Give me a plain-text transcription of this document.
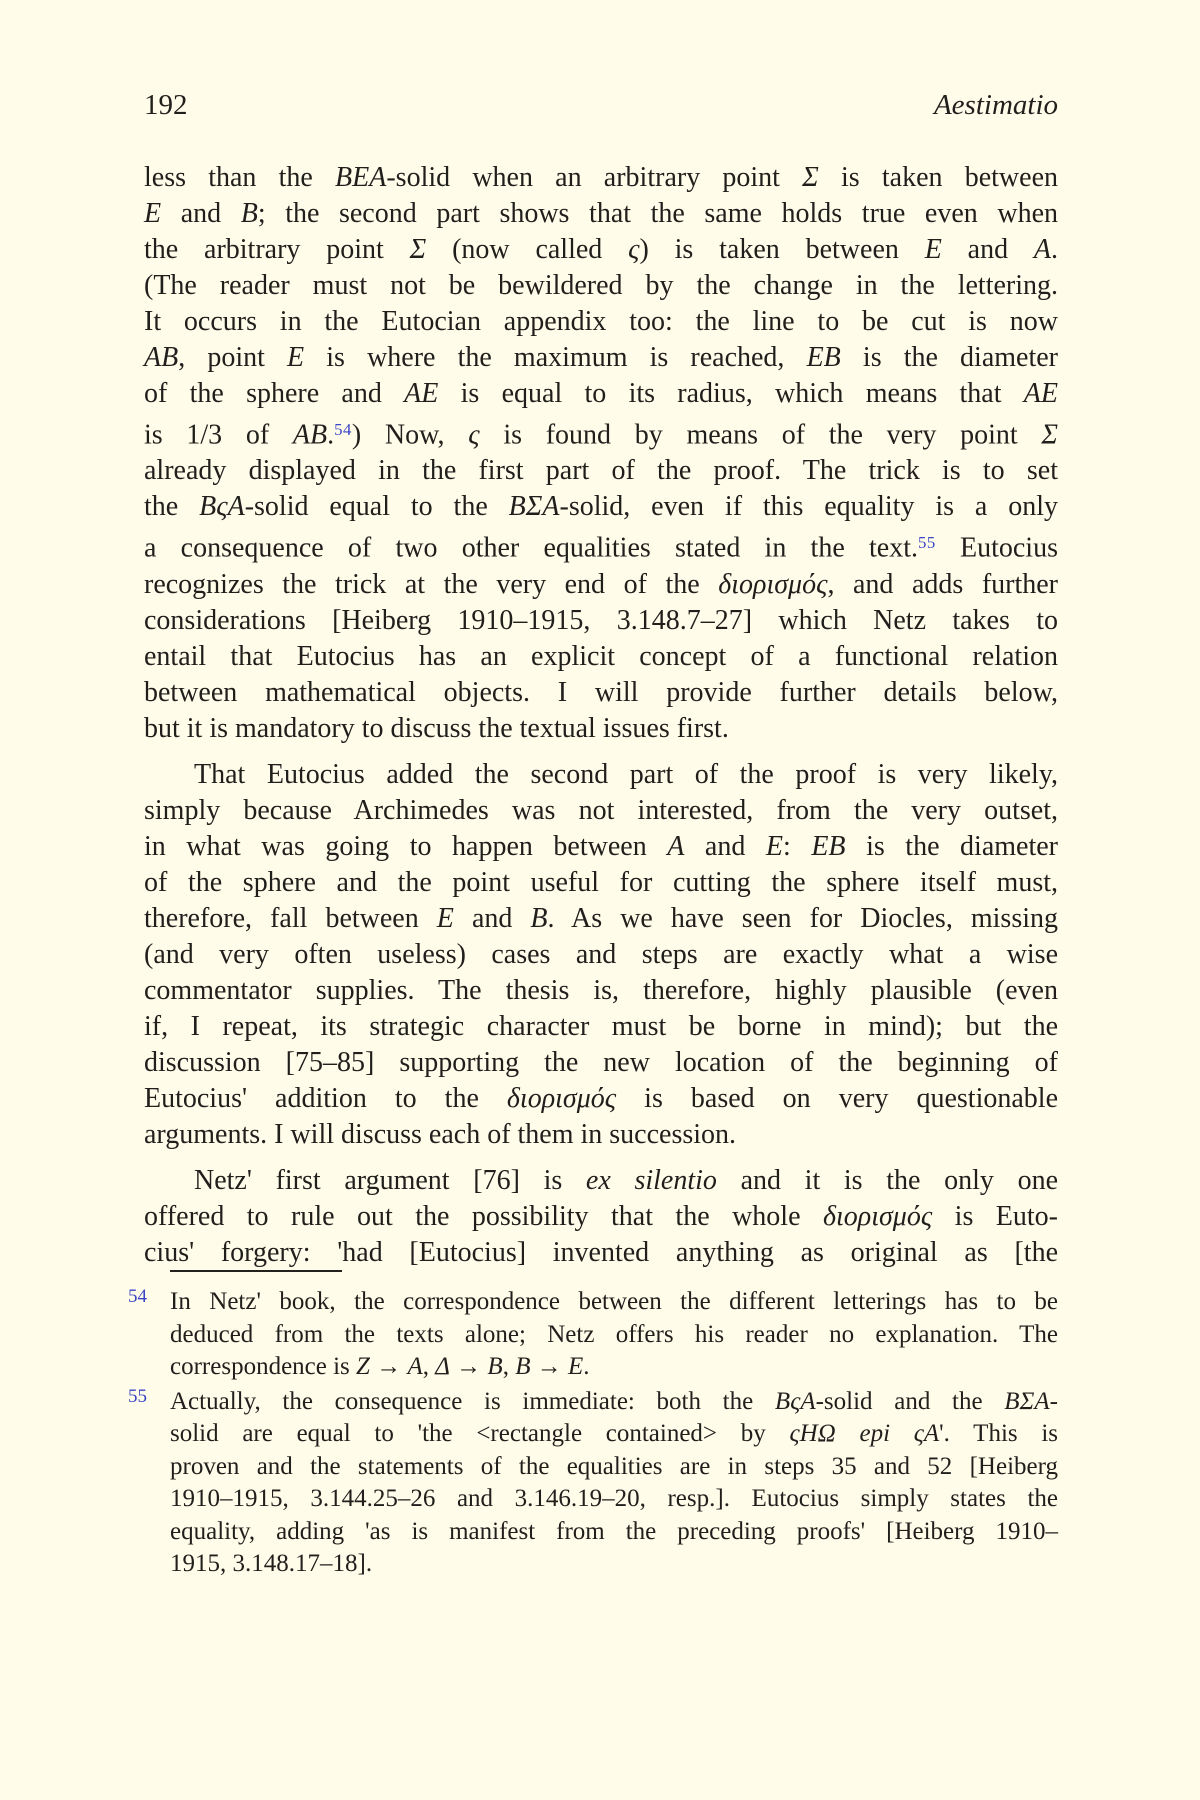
192	Aestimatio
less than the BEA-solid when an arbitrary point Σ is taken between
E and B; the second part shows that the same holds true even when
the arbitrary point Σ (now called ς) is taken between E and A.
(The reader must not be bewildered by the change in the lettering.
It occurs in the Eutocian appendix too: the line to be cut is now
AB, point E is where the maximum is reached, EB is the diameter
of the sphere and AE is equal to its radius, which means that AE
is 1/3 of AB.$^{54}$) Now, ς is found by means of the very point Σ
already displayed in the first part of the proof. The trick is to set
the BςA-solid equal to the BΣA-solid, even if this equality is a only
a consequence of two other equalities stated in the text.$^{55}$ Eutocius
recognizes the trick at the very end of the διορισμός, and adds further
considerations [Heiberg 1910–1915, 3.148.7–27] which Netz takes to
entail that Eutocius has an explicit concept of a functional relation
between mathematical objects. I will provide further details below,
but it is mandatory to discuss the textual issues first.
That Eutocius added the second part of the proof is very likely,
simply because Archimedes was not interested, from the very outset,
in what was going to happen between A and E: EB is the diameter
of the sphere and the point useful for cutting the sphere itself must,
therefore, fall between E and B. As we have seen for Diocles, missing
(and very often useless) cases and steps are exactly what a wise
commentator supplies. The thesis is, therefore, highly plausible (even
if, I repeat, its strategic character must be borne in mind); but the
discussion [75–85] supporting the new location of the beginning of
Eutocius' addition to the διορισμός is based on very questionable
arguments. I will discuss each of them in succession.
Netz' first argument [76] is ex silentio and it is the only one
offered to rule out the possibility that the whole διορισμός is Euto-
cius' forgery: 'had [Eutocius] invented anything as original as [the
54 In Netz' book, the correspondence between the different letterings has to be
deduced from the texts alone; Netz offers his reader no explanation. The
correspondence is Z → A, Δ → B, B → E.
55 Actually, the consequence is immediate: both the BςA-solid and the BΣA-
solid are equal to 'the <rectangle contained> by ςHΩ epi ςA'. This is
proven and the statements of the equalities are in steps 35 and 52 [Heiberg
1910–1915, 3.144.25–26 and 3.146.19–20, resp.]. Eutocius simply states the
equality, adding 'as is manifest from the preceding proofs' [Heiberg 1910–
1915, 3.148.17–18].
